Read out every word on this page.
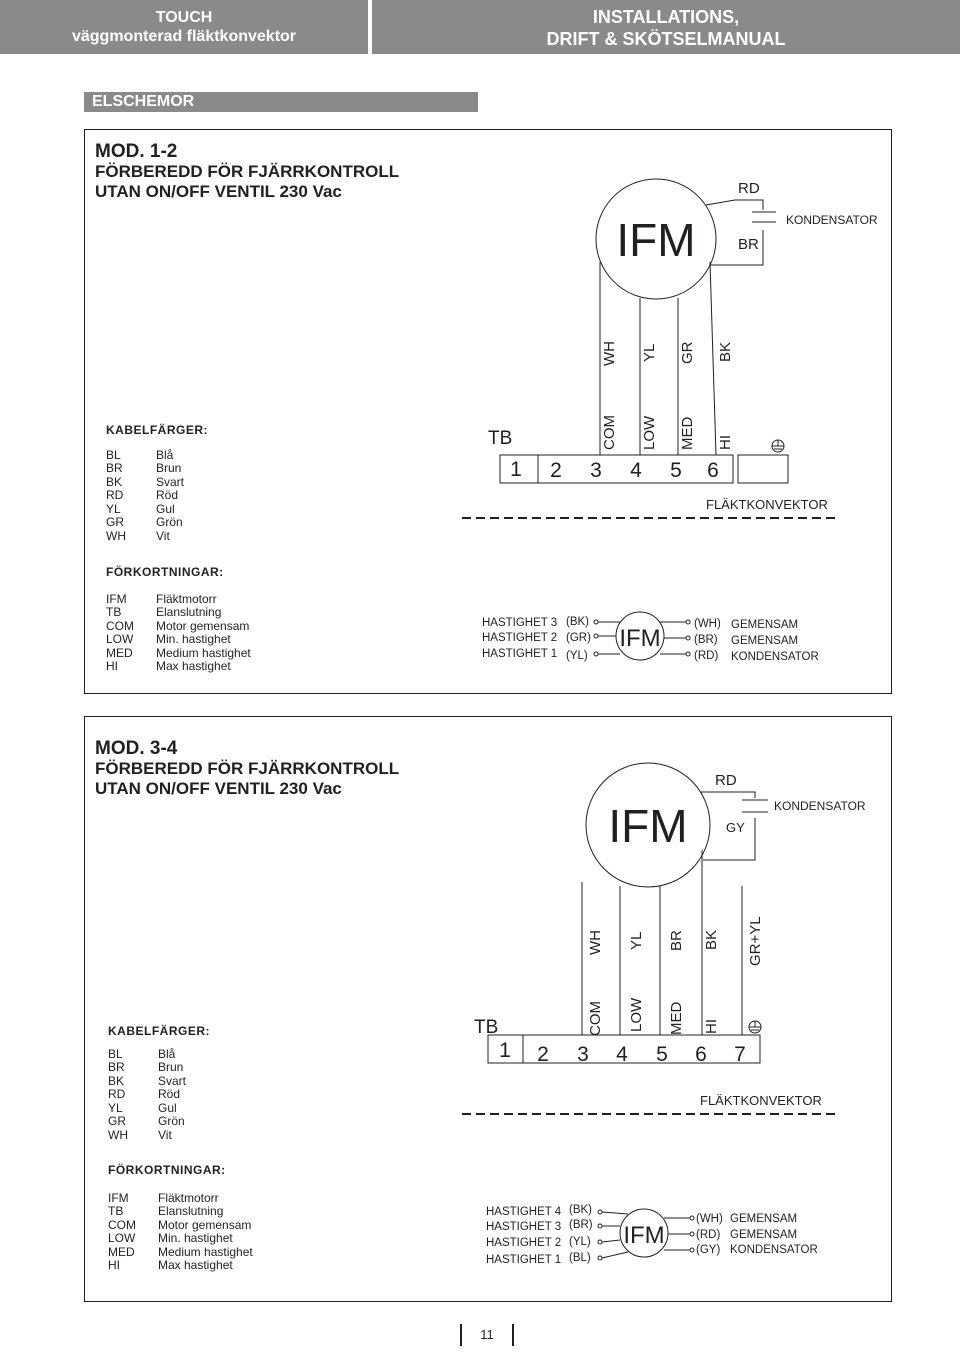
TOUCH
väggmonterad fläktkonvektor
INSTALLATIONS,
DRIFT & SKÖTSELMANUAL
ELSCHEMOR
MOD. 1-2
FÖRBEREDD FÖR FJÄRRKONTROLL
UTAN ON/OFF VENTIL 230 Vac
IFM
RD
BR
KONDENSATOR
WH YL GR BK
COM LOW MED HI
TB
1 2 3 4 5 6
FLÄKTKONVEKTOR
IFM
HASTIGHET 3
HASTIGHET 2
HASTIGHET 1
(BK)
(GR)
(YL)
(WH)
(BR)
(RD)
GEMENSAM
GEMENSAM
KONDENSATOR
KABELFÄRGER:
BL	Blå
BR	Brun
BK	Svart
RD	Röd
YL	Gul
GR	Grön
WH	Vit
FÖRKORTNINGAR:
IFM	Fläktmotorr
TB	Elanslutning
COM	Motor gemensam
LOW	Min. hastighet
MED	Medium hastighet
HI	Max hastighet
MOD. 3-4
FÖRBEREDD FÖR FJÄRRKONTROLL
UTAN ON/OFF VENTIL 230 Vac
IFM
RD
GY
KONDENSATOR
WH YL BR BK GR+YL
COM LOW MED HI
TB
1 2 3 4 5 6 7
FLÄKTKONVEKTOR
IFM
HASTIGHET 4
HASTIGHET 3
HASTIGHET 2
HASTIGHET 1
(BK)
(BR)
(YL)
(BL)
(WH)
(RD)
(GY)
GEMENSAM
GEMENSAM
KONDENSATOR
KABELFÄRGER:
BL	Blå
BR	Brun
BK	Svart
RD	Röd
YL	Gul
GR	Grön
WH	Vit
FÖRKORTNINGAR:
IFM	Fläktmotorr
TB	Elanslutning
COM	Motor gemensam
LOW	Min. hastighet
MED	Medium hastighet
HI	Max hastighet
11
